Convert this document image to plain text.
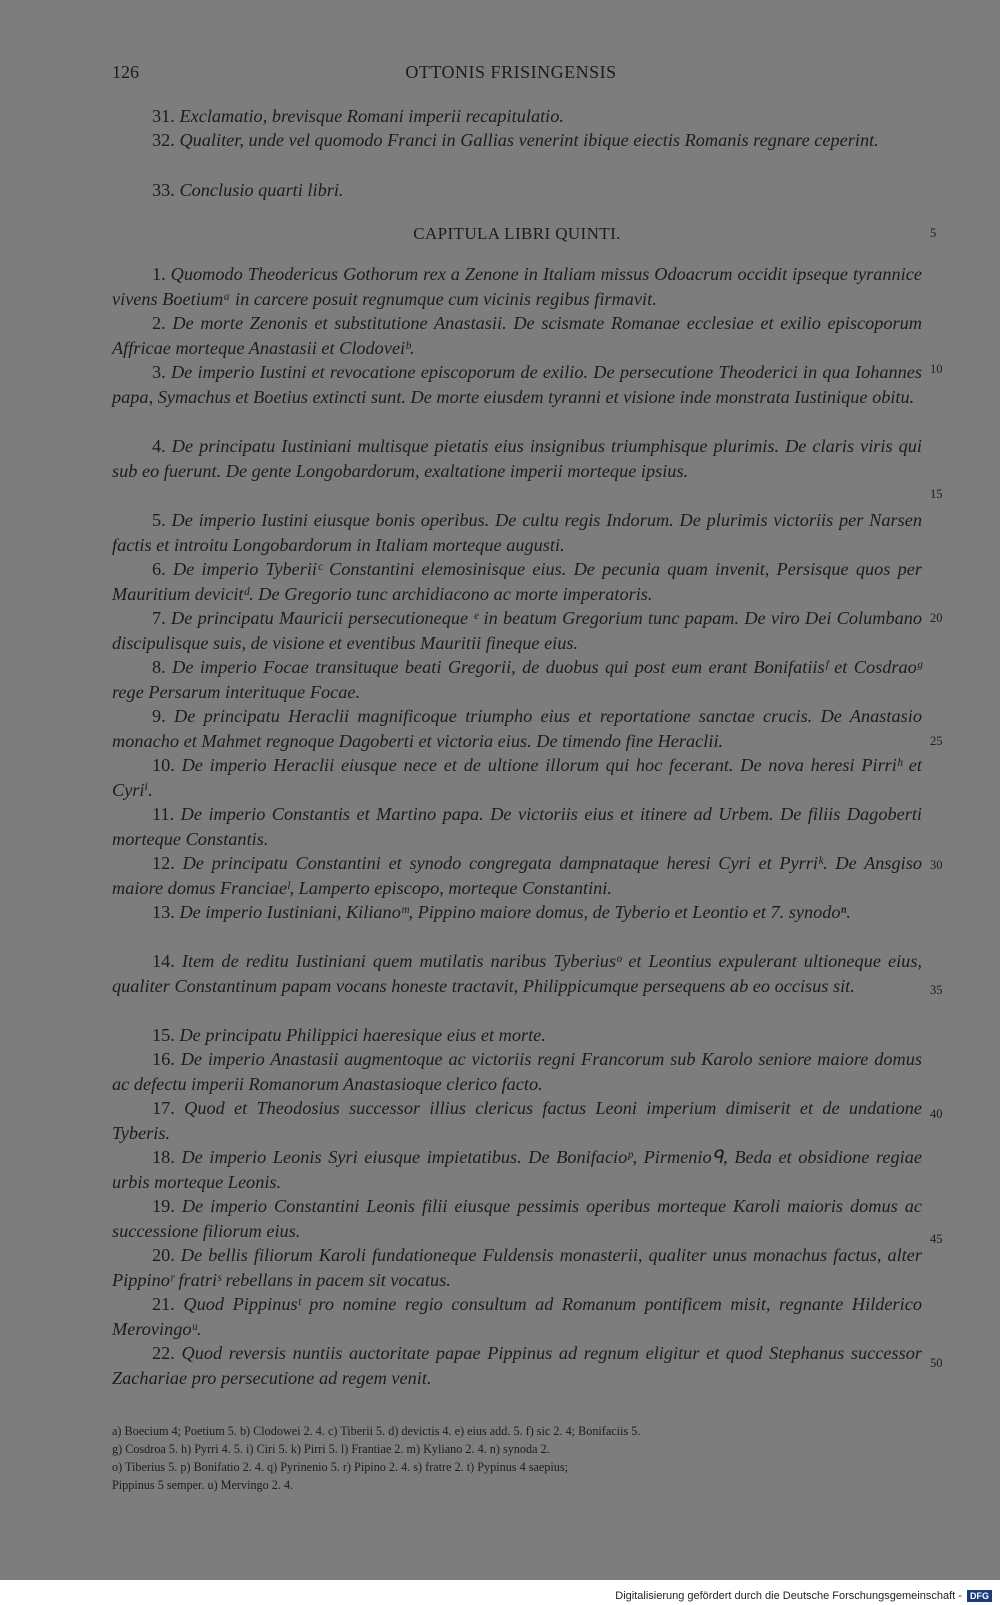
126	OTTONIS FRISINGENSIS
31. Exclamatio, brevisque Romani imperii recapitulatio.
32. Qualiter, unde vel quomodo Franci in Gallias venerint ibique eiectis Romanis regnare ceperint.
33. Conclusio quarti libri.
CAPITULA LIBRI QUINTI.
1. Quomodo Theodericus Gothorum rex a Zenone in Italiam missus Odoacrum occidit ipseque tyrannice vivens Boetiumᵃ in carcere posuit regnumque cum vicinis regibus firmavit.
2. De morte Zenonis et substitutione Anastasii. De scismate Romanae ecclesiae et exilio episcoporum Affricae morteque Anastasii et Clodoveiᵇ.
3. De imperio Iustini et revocatione episcoporum de exilio. De persecutione Theoderici in qua Iohannes papa, Symachus et Boetius extincti sunt. De morte eiusdem tyranni et visione inde monstrata Iustinique obitu.
4. De principatu Iustiniani multisque pietatis eius insignibus triumphisque plurimis. De claris viris qui sub eo fuerunt. De gente Longobardorum, exaltatione imperii morteque ipsius.
5. De imperio Iustini eiusque bonis operibus. De cultu regis Indorum. De plurimis victoriis per Narsen factis et introitu Longobardorum in Italiam morteque augusti.
6. De imperio Tyberiiᶜ Constantini elemosinisque eius. De pecunia quam invenit, Persisque quos per Mauritium devicitᵈ. De Gregorio tunc archidiacono ac morte imperatoris.
7. De principatu Mauricii persecutioneque ᵉ in beatum Gregorium tunc papam. De viro Dei Columbano discipulisque suis, de visione et eventibus Mauritii fineque eius.
8. De imperio Focae transituque beati Gregorii, de duobus qui post eum erant Bonifatiisᶠ et Cosdraoᵍ rege Persarum interituque Focae.
9. De principatu Heraclii magnificoque triumpho eius et reportatione sanctae crucis. De Anastasio monacho et Mahmet regnoque Dagoberti et victoria eius. De timendo fine Heraclii.
10. De imperio Heraclii eiusque nece et de ultione illorum qui hoc fecerant. De nova heresi Pirriʰ et Cyriⁱ.
11. De imperio Constantis et Martino papa. De victoriis eius et itinere ad Urbem. De filiis Dagoberti morteque Constantis.
12. De principatu Constantini et synodo congregata dampnataque heresi Cyri et Pyrriᵏ. De Ansgiso maiore domus Franciaeˡ, Lamperto episcopo, morteque Constantini.
13. De imperio Iustiniani, Kilianoᵐ, Pippino maiore domus, de Tyberio et Leontio et 7. synodoⁿ.
14. Item de reditu Iustiniani quem mutilatis naribus Tyberiusᵒ et Leontius expulerant ultioneque eius, qualiter Constantinum papam vocans honeste tractavit, Philippicumque persequens ab eo occisus sit.
15. De principatu Philippici haeresique eius et morte.
16. De imperio Anastasii augmentoque ac victoriis regni Francorum sub Karolo seniore maiore domus ac defectu imperii Romanorum Anastasioque clerico facto.
17. Quod et Theodosius successor illius clericus factus Leoni imperium dimiserit et de undatione Tyberis.
18. De imperio Leonis Syri eiusque impietatibus. De Bonifacioᵖ, Pirmenioᑫ, Beda et obsidione regiae urbis morteque Leonis.
19. De imperio Constantini Leonis filii eiusque pessimis operibus morteque Karoli maioris domus ac successione filiorum eius.
20. De bellis filiorum Karoli fundationeque Fuldensis monasterii, qualiter unus monachus factus, alter Pippinoʳ fratriˢ rebellans in pacem sit vocatus.
21. Quod Pippinusᵗ pro nomine regio consultum ad Romanum pontificem misit, regnante Hilderico Merovingoᵘ.
22. Quod reversis nuntiis auctoritate papae Pippinus ad regnum eligitur et quod Stephanus successor Zachariae pro persecutione ad regem venit.
5
10
15
20
25
30
35
40
45
50
a) Boecium 4; Poetium 5. b) Clodowei 2. 4. c) Tiberii 5. d) devictis 4. e) eius add. 5. f) sic 2. 4; Bonifaciis 5.
g) Cosdroa 5. h) Pyrri 4. 5. i) Ciri 5. k) Pirri 5. l) Frantiae 2. m) Kyliano 2. 4. n) synoda 2.
o) Tiberius 5. p) Bonifatio 2. 4. q) Pyrinenio 5. r) Pipino 2. 4. s) fratre 2. t) Pypinus 4 saepius;
Pippinus 5 semper. u) Mervingo 2. 4.
Digitalisierung gefördert durch die Deutsche Forschungsgemeinschaft - DFG
